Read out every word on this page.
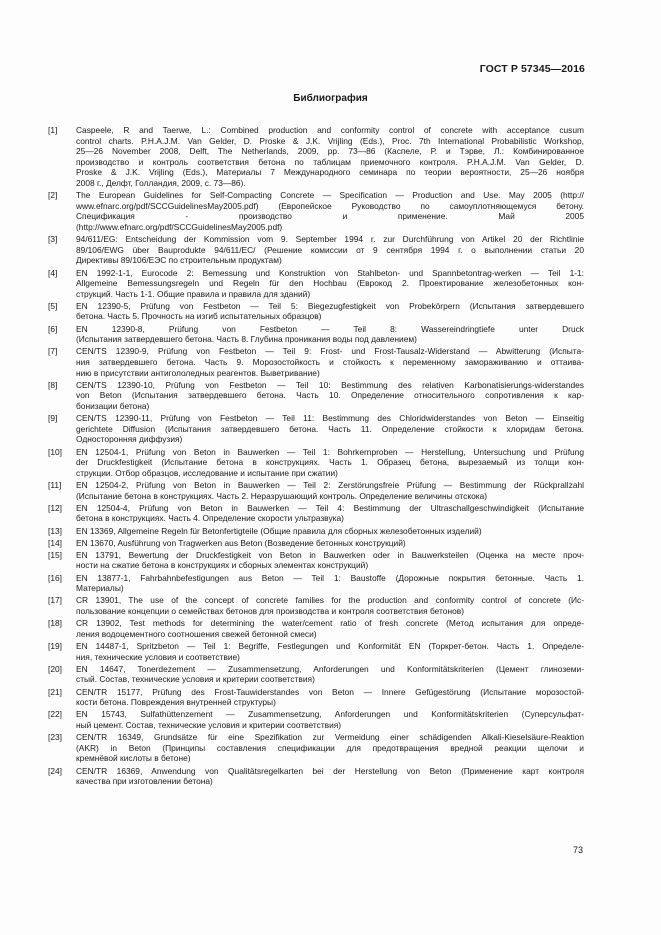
ГОСТ Р 57345—2016
Библиография
[1]	Caspeele, R and Taerwe, L.: Combined production and conformity control of concrete with acceptance cusum
control charts. P.H.A.J.M. Van Gelder, D. Proske & J.K. Vrijling (Eds.), Proc. 7th International Probabilistic Workshop,
25—26 November 2008, Delft, The Netherlands, 2009, pp. 73—86 (Каспеле, Р. и Тэрве, Л.: Комбинированное
производство и контроль соответствия бетона по таблицам приемочного контроля. P.H.A.J.M. Van Gelder, D.
Proske & J.K. Vrijling (Eds.), Материалы 7 Международного семинара по теории вероятности, 25—26 ноября
2008 г., Делфт, Голландия, 2009, с. 73—86).
[2]	The European Guidelines for Self-Compacting Concrete — Specification — Production and Use. May 2005 (http://
www.efnarc.org/pdf/SCCGuidelinesMay2005.pdf) (Европейское Руководство по самоуплотняющемуся бетону.
Спецификация - производство и применение. Май 2005
(http://www.efnarc.org/pdf/SCCGuidelinesMay2005.pdf)
[3]	94/611/EG: Entscheidung der Kommission vom 9. September 1994 r. zur Durchführung von Artikel 20 der Richtlinie
89/106/EWG über Bauprodukte 94/611/EC/ (Решение комиссии от 9 сентября 1994 г. о выполнении статьи 20
Директивы 89/106/ЕЭС по строительным продуктам)
[4]	EN 1992-1-1, Eurocode 2: Bemessung und Konstruktion von Stahlbeton- und Spannbetontrag-werken — Teil 1-1:
Allgemeine Bemessungsregeln und Regeln für den Hochbau (Еврокод 2. Проектирование железобетонных кон-
струкций. Часть 1-1. Общие правила и правила для зданий)
[5]	EN 12390-5, Prüfung von Festbeton — Teil 5: Biegezugfestigkeit von Probekörpern (Испытания затвердевшего
бетона. Часть 5. Прочность на изгиб испытательных образцов)
[6]	EN 12390-8, Prüfung von Festbeton — Teil 8: Wassereindringtiefe unter Druck
(Испытания затвердевшего бетона. Часть 8. Глубина проникания воды под давлением)
[7]	CEN/TS 12390-9, Prüfung von Festbeton — Teil 9: Frost- und Frost-Tausalz-Widerstand — Abwitterung (Испыта-
ния затвердевшего бетона. Часть 9. Морозостойкость и стойкость к переменному замораживанию и оттаива-
нию в присутствии антигололедных реагентов. Выветривание)
[8]	CEN/TS 12390-10, Prüfung von Festbeton — Teil 10: Bestimmung des relativen Karbonatisierungs-widerstandes
von Beton (Испытания затвердевшего бетона. Часть 10. Определение относительного сопротивления к кар-
бонизации бетона)
[9]	CEN/TS 12390-11, Prüfung von Festbeton — Teil 11: Bestimmung des Chloridwiderstandes von Beton — Einseitig
gerichtete Diffusion (Испытания затвердевшего бетона. Часть 11. Определение стойкости к хлоридам бетона.
Односторонняя диффузия)
[10]	EN 12504-1, Prüfung von Beton in Bauwerken — Teil 1: Bohrkernproben — Herstellung, Untersuchung und Prüfung
der Druckfestigkeit (Испытание бетона в конструкциях. Часть 1. Образец бетона, вырезаемый из толщи кон-
струкции. Отбор образцов, исследование и испытание при сжатии)
[11]	EN 12504-2, Prüfung von Beton in Bauwerken — Teil 2: Zerstörungsfreie Prüfung — Bestimmung der Rückprallzahl
(Испытание бетона в конструкциях. Часть 2. Неразрушающий контроль. Определение величины отскока)
[12]	EN 12504-4, Prüfung von Beton in Bauwerken — Teil 4: Bestimmung der Ultraschallgeschwindigkeit (Испытание
бетона в конструкциях. Часть 4. Определение скорости ультразвука)
[13]	EN 13369, Allgemeine Regeln für Betonfertigteile (Общие правила для сборных железобетонных изделий)
[14]	EN 13670, Ausführung von Tragwerken aus Beton (Возведение бетонных конструкций)
[15]	EN 13791, Bewertung der Druckfestigkeit von Beton in Bauwerken oder in Bauwerksteilen (Оценка на месте проч-
ности на сжатие бетона в конструкциях и сборных элементах конструкций)
[16]	EN 13877-1, Fahrbahnbefestigungen aus Beton — Teil 1: Baustoffe (Дорожные покрытия бетонные. Часть 1.
Материалы)
[17]	CR 13901, The use of the concept of concrete families for the production and conformity control of concrete (Ис-
пользование концепции о семействах бетонов для производства и контроля соответствия бетонов)
[18]	CR 13902, Test methods for determining the water/cement ratio of fresh concrete (Метод испытания для опреде-
ления водоцементного соотношения свежей бетонной смеси)
[19]	EN 14487-1, Spritzbeton — Teil 1: Begriffe, Festlegungen und Konformität EN (Торкрет-бетон. Часть 1. Определе-
ния, технические условия и соответствие)
[20]	EN 14647, Tonerdezement — Zusammensetzung, Anforderungen und Konformitätskriterien (Цемент глиноземи-
стый. Состав, технические условия и критерии соответствия)
[21]	CEN/TR 15177, Prüfung des Frost-Tauwiderstandes von Beton — Innere Gefügestörung (Испытание морозостой-
кости бетона. Повреждения внутренней структуры)
[22]	EN 15743, Sulfathüttenzement — Zusammensetzung, Anforderungen und Konformitätskriterien (Суперсульфат-
ный цемент. Состав, технические условия и критерии соответствия)
[23]	CEN/TR 16349, Grundsätze für eine Spezifikation zur Vermeidung einer schädigenden Alkali-Kieselsäure-Reaktion
(AKR) in Beton (Принципы составления спецификации для предотвращения вредной реакции щелочи и
кремнёвой кислоты в бетоне)
[24]	CEN/TR 16369, Anwendung von Qualitätsregelkarten bei der Herstellung von Beton (Применение карт контроля
качества при изготовлении бетона)
73
